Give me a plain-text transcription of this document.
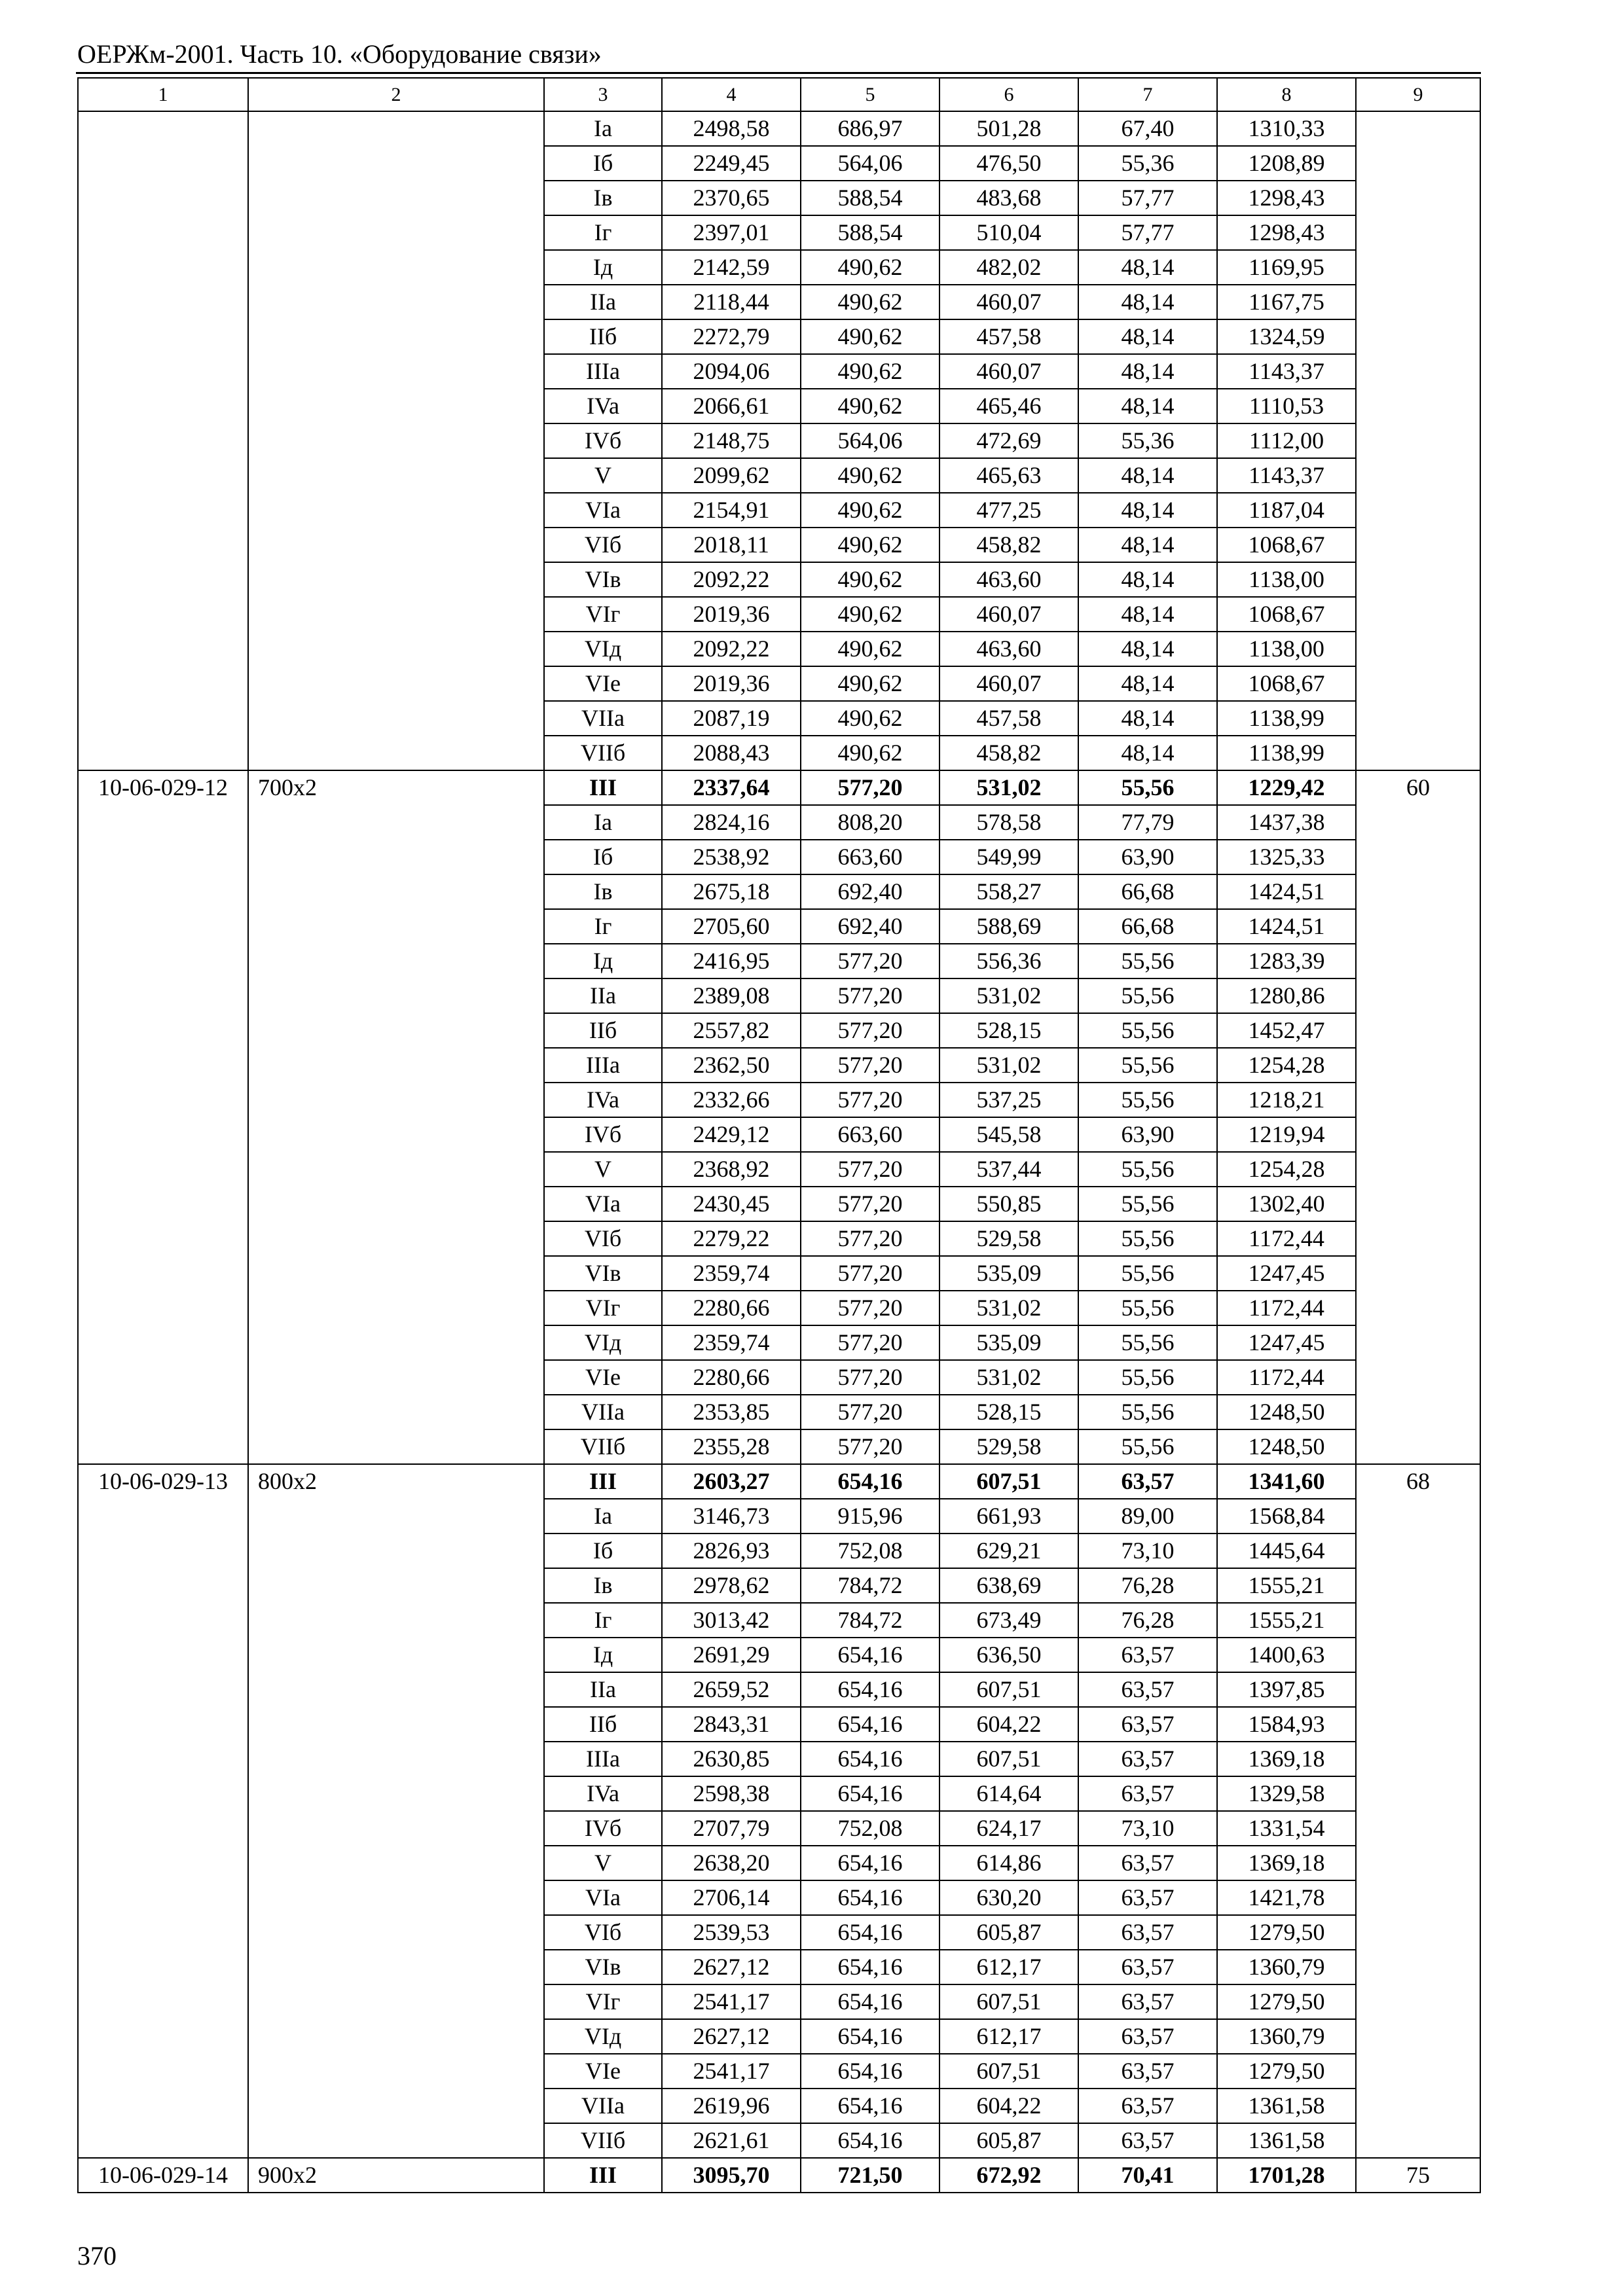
ОЕРЖм-2001. Часть 10. «Оборудование связи»
1	2	3	4	5	6	7	8	9
		Ia	2498,58	686,97	501,28	67,40	1310,33	
		Iб	2249,45	564,06	476,50	55,36	1208,89	
		Iв	2370,65	588,54	483,68	57,77	1298,43	
		Iг	2397,01	588,54	510,04	57,77	1298,43	
		Iд	2142,59	490,62	482,02	48,14	1169,95	
		IIa	2118,44	490,62	460,07	48,14	1167,75	
		IIб	2272,79	490,62	457,58	48,14	1324,59	
		IIIa	2094,06	490,62	460,07	48,14	1143,37	
		IVa	2066,61	490,62	465,46	48,14	1110,53	
		IVб	2148,75	564,06	472,69	55,36	1112,00	
		V	2099,62	490,62	465,63	48,14	1143,37	
		VIa	2154,91	490,62	477,25	48,14	1187,04	
		VIб	2018,11	490,62	458,82	48,14	1068,67	
		VIв	2092,22	490,62	463,60	48,14	1138,00	
		VIг	2019,36	490,62	460,07	48,14	1068,67	
		VIд	2092,22	490,62	463,60	48,14	1138,00	
		VIe	2019,36	490,62	460,07	48,14	1068,67	
		VIIa	2087,19	490,62	457,58	48,14	1138,99	
		VIIб	2088,43	490,62	458,82	48,14	1138,99	
10-06-029-12	700x2	III	2337,64	577,20	531,02	55,56	1229,42	60
		Ia	2824,16	808,20	578,58	77,79	1437,38	
		Iб	2538,92	663,60	549,99	63,90	1325,33	
		Iв	2675,18	692,40	558,27	66,68	1424,51	
		Iг	2705,60	692,40	588,69	66,68	1424,51	
		Iд	2416,95	577,20	556,36	55,56	1283,39	
		IIa	2389,08	577,20	531,02	55,56	1280,86	
		IIб	2557,82	577,20	528,15	55,56	1452,47	
		IIIa	2362,50	577,20	531,02	55,56	1254,28	
		IVa	2332,66	577,20	537,25	55,56	1218,21	
		IVб	2429,12	663,60	545,58	63,90	1219,94	
		V	2368,92	577,20	537,44	55,56	1254,28	
		VIa	2430,45	577,20	550,85	55,56	1302,40	
		VIб	2279,22	577,20	529,58	55,56	1172,44	
		VIв	2359,74	577,20	535,09	55,56	1247,45	
		VIг	2280,66	577,20	531,02	55,56	1172,44	
		VIд	2359,74	577,20	535,09	55,56	1247,45	
		VIe	2280,66	577,20	531,02	55,56	1172,44	
		VIIa	2353,85	577,20	528,15	55,56	1248,50	
		VIIб	2355,28	577,20	529,58	55,56	1248,50	
10-06-029-13	800x2	III	2603,27	654,16	607,51	63,57	1341,60	68
		Ia	3146,73	915,96	661,93	89,00	1568,84	
		Iб	2826,93	752,08	629,21	73,10	1445,64	
		Iв	2978,62	784,72	638,69	76,28	1555,21	
		Iг	3013,42	784,72	673,49	76,28	1555,21	
		Iд	2691,29	654,16	636,50	63,57	1400,63	
		IIa	2659,52	654,16	607,51	63,57	1397,85	
		IIб	2843,31	654,16	604,22	63,57	1584,93	
		IIIa	2630,85	654,16	607,51	63,57	1369,18	
		IVa	2598,38	654,16	614,64	63,57	1329,58	
		IVб	2707,79	752,08	624,17	73,10	1331,54	
		V	2638,20	654,16	614,86	63,57	1369,18	
		VIa	2706,14	654,16	630,20	63,57	1421,78	
		VIб	2539,53	654,16	605,87	63,57	1279,50	
		VIв	2627,12	654,16	612,17	63,57	1360,79	
		VIг	2541,17	654,16	607,51	63,57	1279,50	
		VIд	2627,12	654,16	612,17	63,57	1360,79	
		VIe	2541,17	654,16	607,51	63,57	1279,50	
		VIIa	2619,96	654,16	604,22	63,57	1361,58	
		VIIб	2621,61	654,16	605,87	63,57	1361,58	
10-06-029-14	900x2	III	3095,70	721,50	672,92	70,41	1701,28	75
370
